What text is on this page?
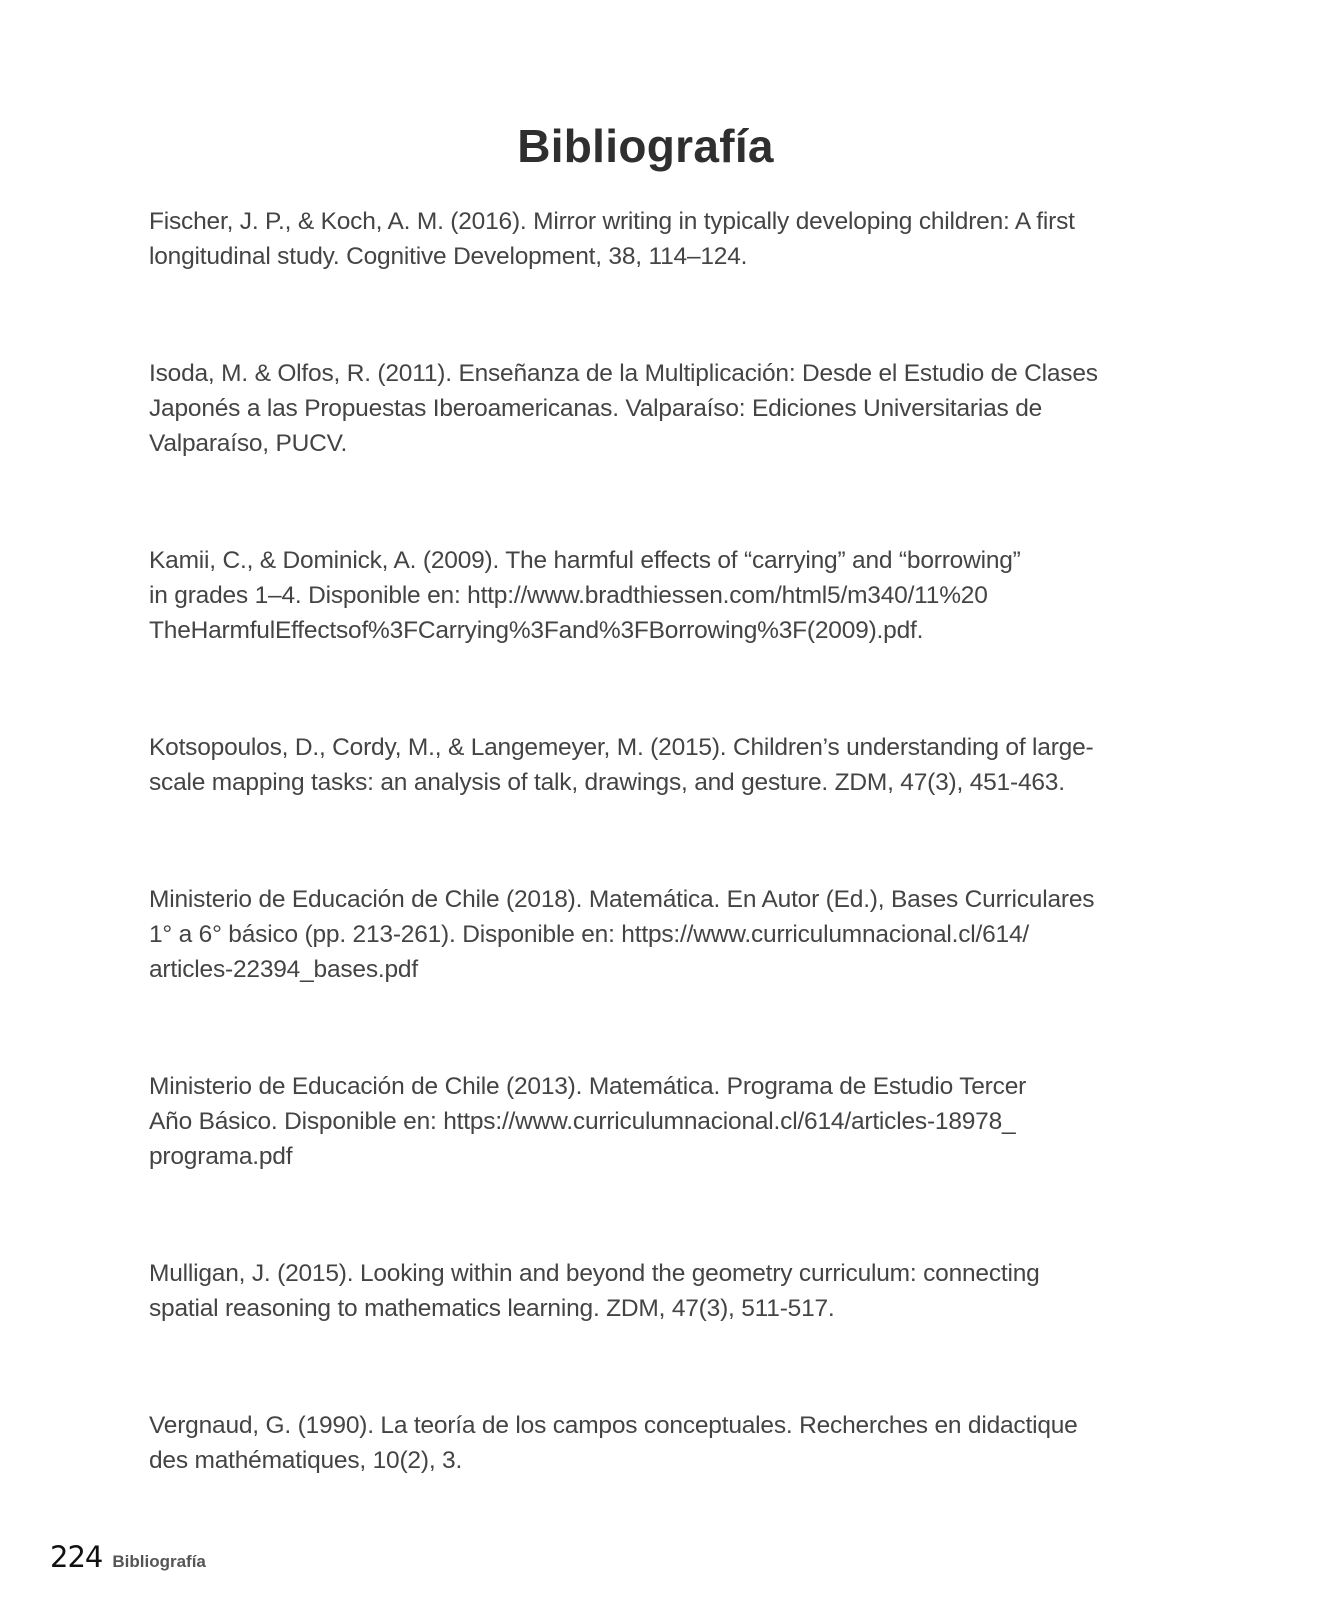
Bibliografía
Fischer, J. P., & Koch, A. M. (2016). Mirror writing in typically developing children: A first
longitudinal study. Cognitive Development, 38, 114–124.
Isoda, M. & Olfos, R. (2011). Enseñanza de la Multiplicación: Desde el Estudio de Clases
Japonés a las Propuestas Iberoamericanas. Valparaíso: Ediciones Universitarias de
Valparaíso, PUCV.
Kamii, C., & Dominick, A. (2009). The harmful effects of “carrying” and “borrowing”
in grades 1–4. Disponible en: http://www.bradthiessen.com/html5/m340/11%20
TheHarmfulEffectsof%3FCarrying%3Fand%3FBorrowing%3F(2009).pdf.
Kotsopoulos, D., Cordy, M., & Langemeyer, M. (2015). Children’s understanding of large-
scale mapping tasks: an analysis of talk, drawings, and gesture. ZDM, 47(3), 451-463.
Ministerio de Educación de Chile (2018). Matemática. En Autor (Ed.), Bases Curriculares
1° a 6° básico (pp. 213-261). Disponible en: https://www.curriculumnacional.cl/614/
articles-22394_bases.pdf
Ministerio de Educación de Chile (2013). Matemática. Programa de Estudio Tercer
Año Básico. Disponible en: https://www.curriculumnacional.cl/614/articles-18978_
programa.pdf
Mulligan, J. (2015). Looking within and beyond the geometry curriculum: connecting
spatial reasoning to mathematics learning. ZDM, 47(3), 511-517.
Vergnaud, G. (1990). La teoría de los campos conceptuales. Recherches en didactique
des mathématiques, 10(2), 3.
224 Bibliografía
